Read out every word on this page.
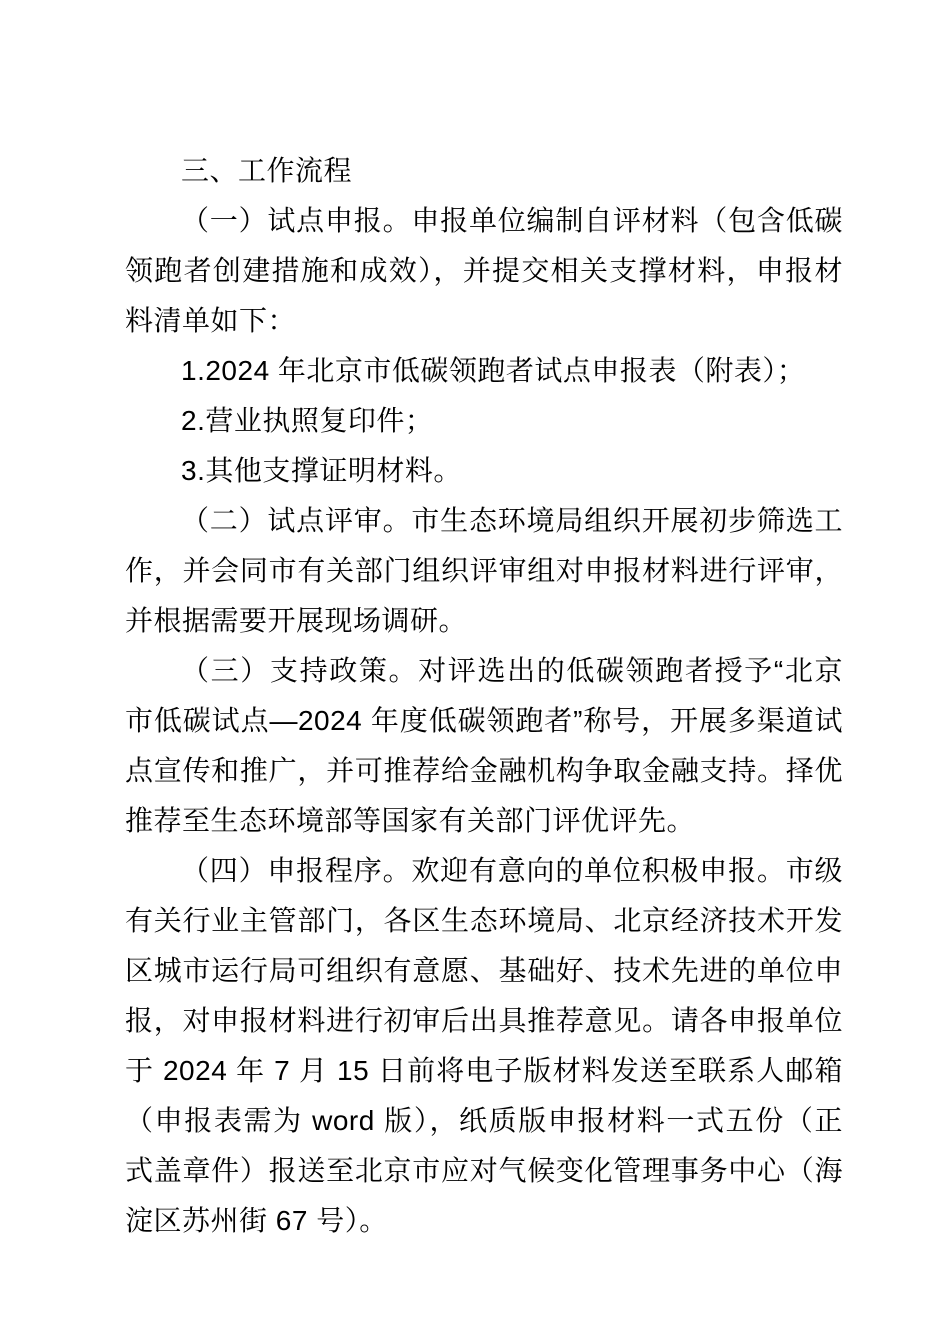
三、工作流程

（一）试点申报。申报单位编制自评材料（包含低碳领跑者创建措施和成效），并提交相关支撑材料，申报材料清单如下：

1.2024 年北京市低碳领跑者试点申报表（附表）；

2.营业执照复印件；

3.其他支撑证明材料。

（二）试点评审。市生态环境局组织开展初步筛选工作，并会同市有关部门组织评审组对申报材料进行评审，并根据需要开展现场调研。

（三）支持政策。对评选出的低碳领跑者授予“北京市低碳试点—2024 年度低碳领跑者”称号，开展多渠道试点宣传和推广，并可推荐给金融机构争取金融支持。择优推荐至生态环境部等国家有关部门评优评先。

（四）申报程序。欢迎有意向的单位积极申报。市级有关行业主管部门，各区生态环境局、北京经济技术开发区城市运行局可组织有意愿、基础好、技术先进的单位申报，对申报材料进行初审后出具推荐意见。请各申报单位于 2024 年 7 月 15 日前将电子版材料发送至联系人邮箱（申报表需为 word 版），纸质版申报材料一式五份（正式盖章件）报送至北京市应对气候变化管理事务中心（海淀区苏州街 67 号）。
